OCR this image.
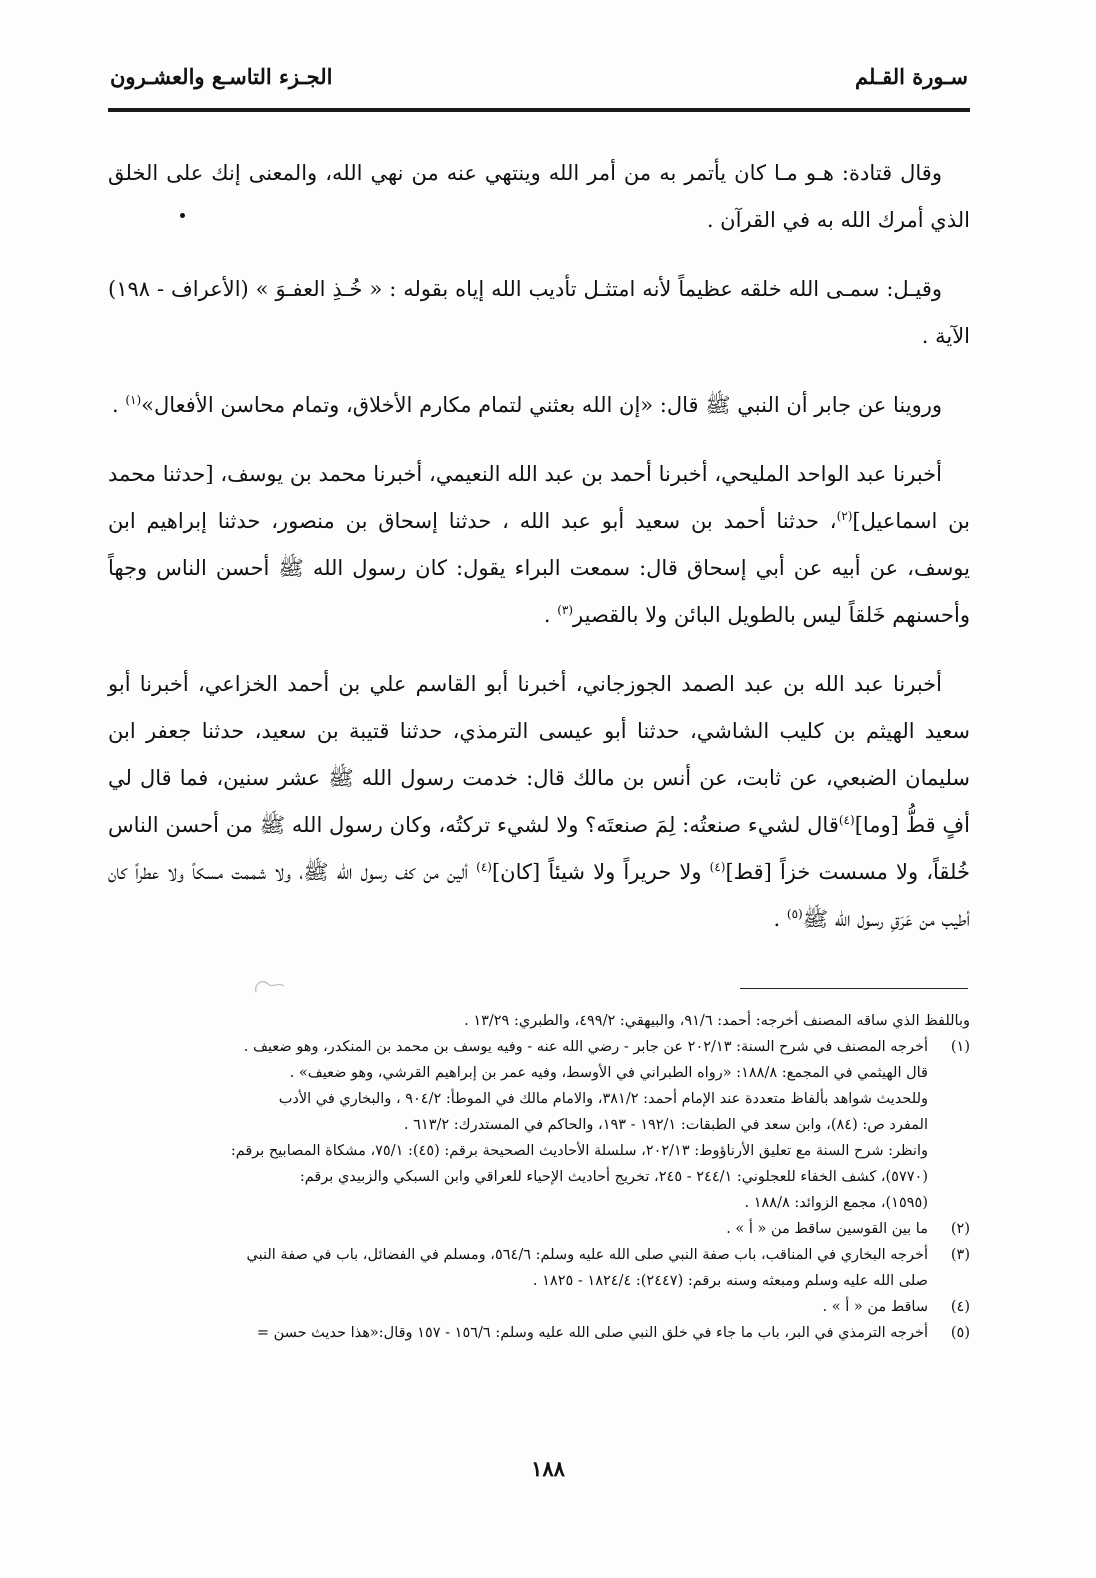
سـورة القـلم
الجـزء التاسـع والعشـرون

وقال قتادة: هـو مـا كان يأتمر به من أمر الله وينتهي عنه من نهي الله، والمعنى إنك على الخلق الذي أمرك الله به في القرآن .

وقيـل: سمـى الله خلقه عظيماً لأنه امتثـل تأديب الله إياه بقوله : « خُـذِ العفـوَ » (الأعراف - ١٩٨) الآية .

وروينا عن جابر أن النبي ﷺ قال: «إن الله بعثني لتمام مكارم الأخلاق، وتمام محاسن الأفعال»$^{(١)}$ .

أخبرنا عبد الواحد المليحي، أخبرنا أحمد بن عبد الله النعيمي، أخبرنا محمد بن يوسف، [حدثنا محمد بن اسماعيل]$^{(٢)}$، حدثنا أحمد بن سعيد أبو عبد الله ، حدثنا إسحاق بن منصور، حدثنا إبراهيم ابن يوسف، عن أبيه عن أبي إسحاق قال: سمعت البراء يقول: كان رسول الله ﷺ أحسن الناس وجهاً وأحسنهم خَلقاً ليس بالطويل البائن ولا بالقصير$^{(٣)}$ .

أخبرنا عبد الله بن عبد الصمد الجوزجاني، أخبرنا أبو القاسم علي بن أحمد الخزاعي، أخبرنا أبو سعيد الهيثم بن كليب الشاشي، حدثنا أبو عيسى الترمذي، حدثنا قتيبة بن سعيد، حدثنا جعفر ابن سليمان الضبعي، عن ثابت، عن أنس بن مالك قال: خدمت رسول الله ﷺ عشر سنين، فما قال لي أفٍ قطُّ [وما]$^{(٤)}$قال لشيء صنعتُه: لِمَ صنعتَه؟ ولا لشيء تركتُه، وكان رسول الله ﷺ من أحسن الناس خُلقاً، ولا مسست خزاً [قط]$^{(٤)}$ ولا حريراً ولا شيئاً [كان]$^{(٤)}$ ألين من كف رسول الله ﷺ، ولا شممت مسكاً ولا عطراً كان أطيب من عَرَقِ رسول الله ﷺ$^{(٥)}$ .

وباللفظ الذي ساقه المصنف أخرجه: أحمد: ٩١/٦، والبيهقي: ٤٩٩/٢، والطبري: ١٣/٢٩ .
(١)
أخرجه المصنف في شرح السنة: ٢٠٢/١٣ عن جابر - رضي الله عنه - وفيه يوسف بن محمد بن المنكدر، وهو ضعيف .
قال الهيثمي في المجمع: ١٨٨/٨: «رواه الطبراني في الأوسط، وفيه عمر بن إبراهيم القرشي، وهو ضعيف» .
وللحديث شواهد بألفاظ متعددة عند الإمام أحمد: ٣٨١/٢، والامام مالك في الموطأ: ٩٠٤/٢ ، والبخاري في الأدب
المفرد ص: (٨٤)، وابن سعد في الطبقات: ١٩٢/١ - ١٩٣، والحاكم في المستدرك: ٦١٣/٢ .
وانظر: شرح السنة مع تعليق الأرناؤوط: ٢٠٢/١٣، سلسلة الأحاديث الصحيحة برقم: (٤٥): ٧٥/١، مشكاة المصابيح برقم:
(٥٧٧٠)، كشف الخفاء للعجلوني: ٢٤٤/١ - ٢٤٥، تخريج أحاديث الإحياء للعراقي وابن السبكي والزبيدي برقم:
(١٥٩٥)، مجمع الزوائد: ١٨٨/٨ .
(٢)
ما بين القوسين ساقط من « أ » .
(٣)
أخرجه البخاري في المناقب، باب صفة النبي صلى الله عليه وسلم: ٥٦٤/٦، ومسلم في الفضائل، باب في صفة النبي
صلى الله عليه وسلم ومبعثه وسنه برقم: (٢٤٤٧): ١٨٢٤/٤ - ١٨٢٥ .
(٤)
ساقط من « أ » .
(٥)
أخرجه الترمذي في البر، باب ما جاء في خلق النبي صلى الله عليه وسلم: ١٥٦/٦ - ١٥٧ وقال:«هذا حديث حسن =
١٨٨
